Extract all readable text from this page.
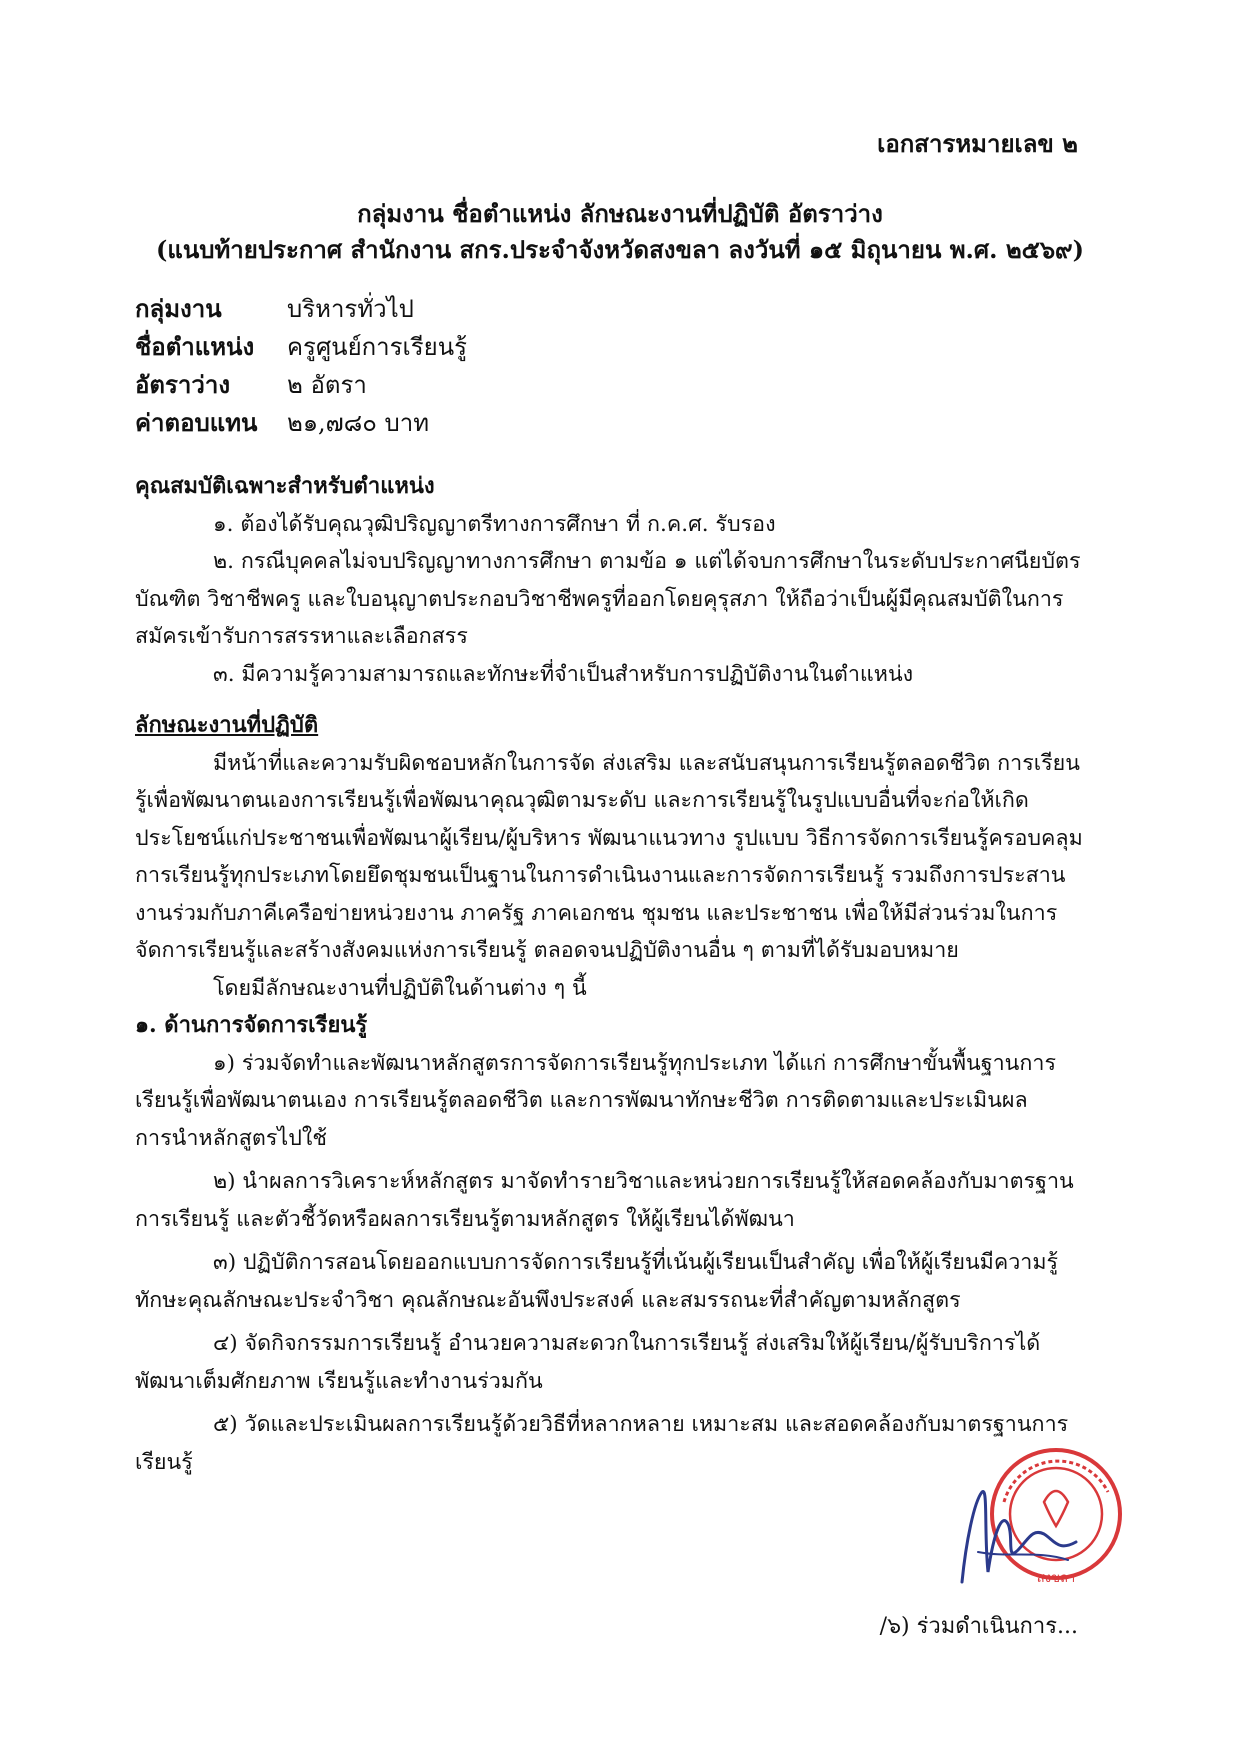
เอกสารหมายเลข ๒
กลุ่มงาน ชื่อตำแหน่ง ลักษณะงานที่ปฏิบัติ อัตราว่าง
(แนบท้ายประกาศ สำนักงาน สกร.ประจำจังหวัดสงขลา ลงวันที่ ๑๕ มิถุนายน พ.ศ. ๒๕๖๙)
กลุ่มงาน	บริหารทั่วไป
ชื่อตำแหน่ง	ครูศูนย์การเรียนรู้
อัตราว่าง	๒ อัตรา
ค่าตอบแทน	๒๑,๗๘๐ บาท
คุณสมบัติเฉพาะสำหรับตำแหน่ง

๑. ต้องได้รับคุณวุฒิปริญญาตรีทางการศึกษา ที่ ก.ค.ศ. รับรอง

๒. กรณีบุคคลไม่จบปริญญาทางการศึกษา ตามข้อ ๑ แต่ได้จบการศึกษาในระดับประกาศนียบัตรบัณฑิต วิชาชีพครู และใบอนุญาตประกอบวิชาชีพครูที่ออกโดยคุรุสภา ให้ถือว่าเป็นผู้มีคุณสมบัติในการสมัครเข้ารับการสรรหาและเลือกสรร

๓. มีความรู้ความสามารถและทักษะที่จำเป็นสำหรับการปฏิบัติงานในตำแหน่ง

ลักษณะงานที่ปฏิบัติ

มีหน้าที่และความรับผิดชอบหลักในการจัด ส่งเสริม และสนับสนุนการเรียนรู้ตลอดชีวิต การเรียนรู้เพื่อพัฒนาตนเองการเรียนรู้เพื่อพัฒนาคุณวุฒิตามระดับ และการเรียนรู้ในรูปแบบอื่นที่จะก่อให้เกิดประโยชน์แก่ประชาชนเพื่อพัฒนาผู้เรียน/ผู้บริหาร พัฒนาแนวทาง รูปแบบ วิธีการจัดการเรียนรู้ครอบคลุมการเรียนรู้ทุกประเภทโดยยึดชุมชนเป็นฐานในการดำเนินงานและการจัดการเรียนรู้ รวมถึงการประสานงานร่วมกับภาคีเครือข่ายหน่วยงาน ภาครัฐ ภาคเอกชน ชุมชน และประชาชน เพื่อให้มีส่วนร่วมในการจัดการเรียนรู้และสร้างสังคมแห่งการเรียนรู้ ตลอดจนปฏิบัติงานอื่น ๆ ตามที่ได้รับมอบหมาย

โดยมีลักษณะงานที่ปฏิบัติในด้านต่าง ๆ นี้

๑. ด้านการจัดการเรียนรู้

๑) ร่วมจัดทำและพัฒนาหลักสูตรการจัดการเรียนรู้ทุกประเภท ได้แก่ การศึกษาขั้นพื้นฐานการเรียนรู้เพื่อพัฒนาตนเอง การเรียนรู้ตลอดชีวิต และการพัฒนาทักษะชีวิต การติดตามและประเมินผลการนำหลักสูตรไปใช้

๒) นำผลการวิเคราะห์หลักสูตร มาจัดทำรายวิชาและหน่วยการเรียนรู้ให้สอดคล้องกับมาตรฐานการเรียนรู้ และตัวชี้วัดหรือผลการเรียนรู้ตามหลักสูตร ให้ผู้เรียนได้พัฒนา

๓) ปฏิบัติการสอนโดยออกแบบการจัดการเรียนรู้ที่เน้นผู้เรียนเป็นสำคัญ เพื่อให้ผู้เรียนมีความรู้ทักษะคุณลักษณะประจำวิชา คุณลักษณะอันพึงประสงค์ และสมรรถนะที่สำคัญตามหลักสูตร

๔) จัดกิจกรรมการเรียนรู้ อำนวยความสะดวกในการเรียนรู้ ส่งเสริมให้ผู้เรียน/ผู้รับบริการได้พัฒนาเต็มศักยภาพ เรียนรู้และทำงานร่วมกัน

๕) วัดและประเมินผลการเรียนรู้ด้วยวิธีที่หลากหลาย เหมาะสม และสอดคล้องกับมาตรฐานการเรียนรู้

สงขลา
/๖) ร่วมดำเนินการ...
